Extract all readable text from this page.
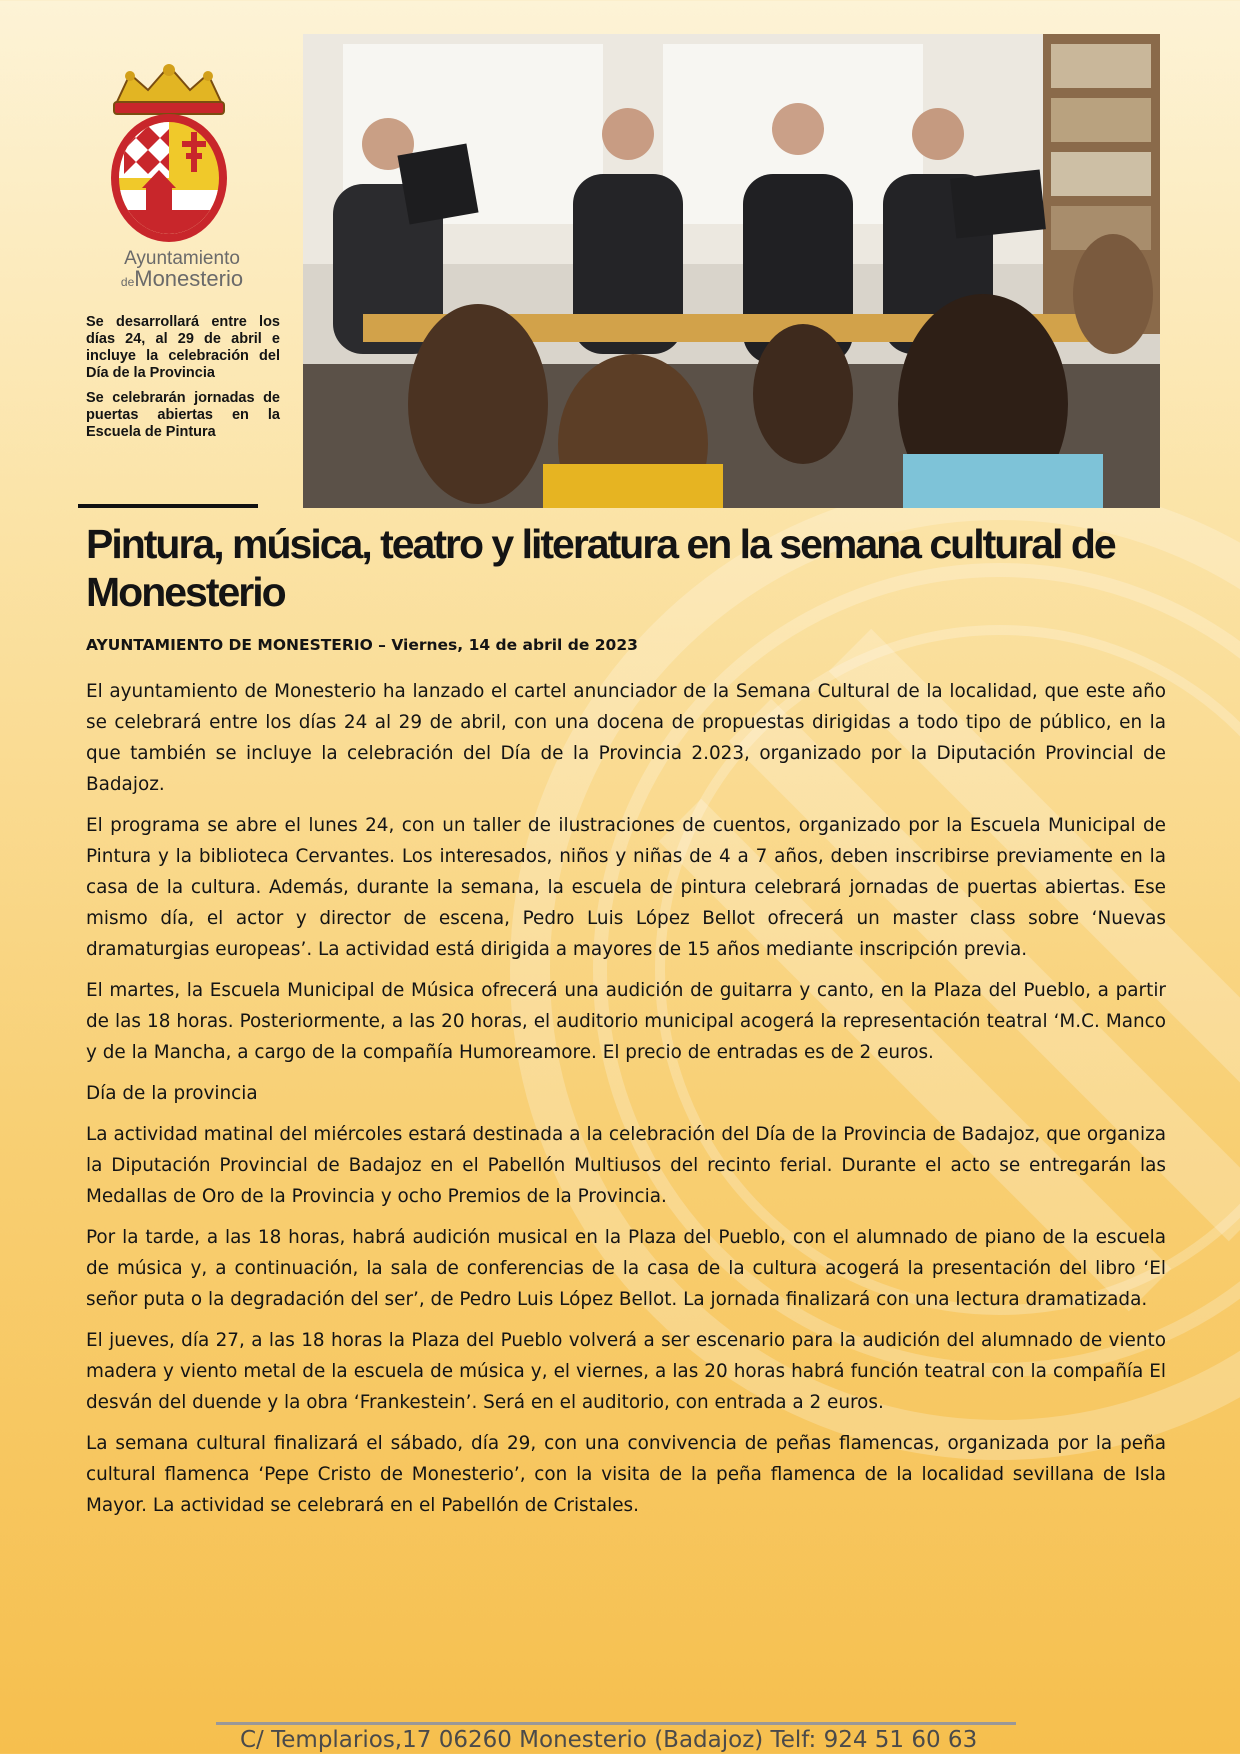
Ayuntamiento
deMonesterio

Se desarrollará entre los días 24, al 29 de abril e incluye la celebración del Día de la Provincia

Se celebrarán jornadas de puertas abiertas en la Escuela de Pintura

Pintura, música, teatro y literatura en la semana cultural de Monesterio
AYUNTAMIENTO DE MONESTERIO – Viernes, 14 de abril de 2023

El ayuntamiento de Monesterio ha lanzado el cartel anunciador de la Semana Cultural de la localidad, que este año se celebrará entre los días 24 al 29 de abril, con una docena de propuestas dirigidas a todo tipo de público, en la que también se incluye la celebración del Día de la Provincia 2.023, organizado por la Diputación Provincial de Badajoz.

El programa se abre el lunes 24, con un taller de ilustraciones de cuentos, organizado por la Escuela Municipal de Pintura y la biblioteca Cervantes. Los interesados, niños y niñas de 4 a 7 años, deben inscribirse previamente en la casa de la cultura. Además, durante la semana, la escuela de pintura celebrará jornadas de puertas abiertas. Ese mismo día, el actor y director de escena, Pedro Luis López Bellot ofrecerá un master class sobre ‘Nuevas dramaturgias europeas’. La actividad está dirigida a mayores de 15 años mediante inscripción previa.

El martes, la Escuela Municipal de Música ofrecerá una audición de guitarra y canto, en la Plaza del Pueblo, a partir de las 18 horas. Posteriormente, a las 20 horas, el auditorio municipal acogerá la representación teatral ‘M.C. Manco y de la Mancha, a cargo de la compañía Humoreamore. El precio de entradas es de 2 euros.

Día de la provincia

La actividad matinal del miércoles estará destinada a la celebración del Día de la Provincia de Badajoz, que organiza la Diputación Provincial de Badajoz en el Pabellón Multiusos del recinto ferial. Durante el acto se entregarán las Medallas de Oro de la Provincia y ocho Premios de la Provincia.

Por la tarde, a las 18 horas, habrá audición musical en la Plaza del Pueblo, con el alumnado de piano de la escuela de música y, a continuación, la sala de conferencias de la casa de la cultura acogerá la presentación del libro ‘El señor puta o la degradación del ser’, de Pedro Luis López Bellot. La jornada finalizará con una lectura dramatizada.

El jueves, día 27, a las 18 horas la Plaza del Pueblo volverá a ser escenario para la audición del alumnado de viento madera y viento metal de la escuela de música y, el viernes, a las 20 horas habrá función teatral con la compañía El desván del duende y la obra ‘Frankestein’. Será en el auditorio, con entrada a 2 euros.

La semana cultural finalizará el sábado, día 29, con una convivencia de peñas flamencas, organizada por la peña cultural flamenca ‘Pepe Cristo de Monesterio’, con la visita de la peña flamenca de la localidad sevillana de Isla Mayor. La actividad se celebrará en el Pabellón de Cristales.

C/ Templarios,17 06260 Monesterio (Badajoz) Telf: 924 51 60 63
